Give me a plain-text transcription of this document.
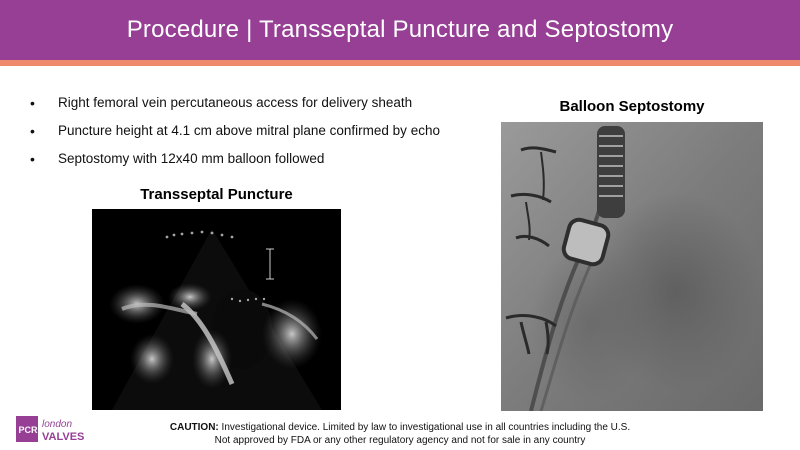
Procedure | Transseptal Puncture and Septostomy
•	Right femoral vein percutaneous access for delivery sheath
•	Puncture height at 4.1 cm above mitral plane confirmed by echo
•	Septostomy with 12x40 mm balloon followed
Transseptal Puncture
Balloon Septostomy
PCR london
VALVES
CAUTION: Investigational device. Limited by law to investigational use in all countries including the U.S.
Not approved by FDA or any other regulatory agency and not for sale in any country
